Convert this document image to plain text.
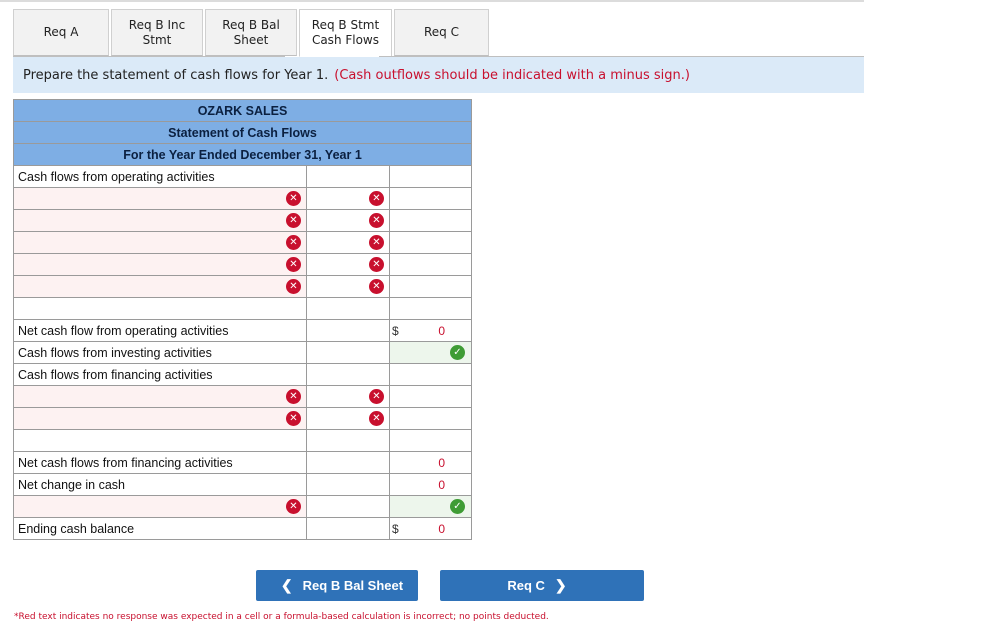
Req A
Req B Inc
Stmt
Req B Bal
Sheet
Req B Stmt
Cash Flows
Req C
Prepare the statement of cash flows for Year 1. (Cash outflows should be indicated with a minus sign.)
OZARK SALES		
Statement of Cash Flows		
For the Year Ended December 31, Year 1		
Cash flows from operating activities		

✕	✕	

✕	✕	

✕	✕	

✕	✕	

✕	✕	

Net cash flow from operating activities		$ 0

Cash flows from investing activities		✓

Cash flows from financing activities		

✕	✕	

✕	✕	

Net cash flows from financing activities		0

Net change in cash		0

✕		✓

Ending cash balance		$ 0
❮ Req B Bal Sheet	Req C ❯
*Red text indicates no response was expected in a cell or a formula-based calculation is incorrect; no points deducted.
